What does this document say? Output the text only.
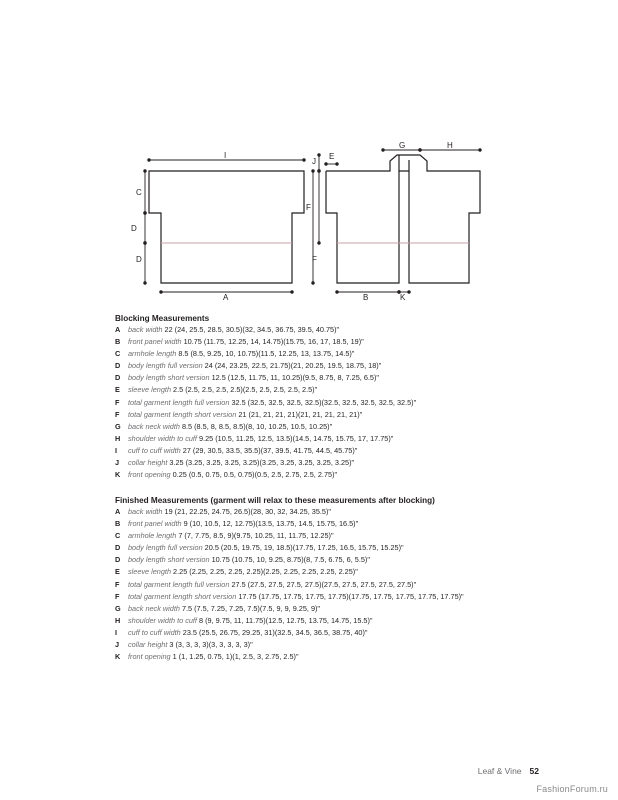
I
C
D
D
A
J
E
F
F
G	H
B	K
Blocking Measurements
A back width 22 (24, 25.5, 28.5, 30.5)(32, 34.5, 36.75, 39.5, 40.75)"
B front panel width 10.75 (11.75, 12.25, 14, 14.75)(15.75, 16, 17, 18.5, 19)"
C armhole length 8.5 (8.5, 9.25, 10, 10.75)(11.5, 12.25, 13, 13.75, 14.5)"
D body length full version 24 (24, 23.25, 22.5, 21.75)(21, 20.25, 19.5, 18.75, 18)"
D body length short version 12.5 (12.5, 11.75, 11, 10.25)(9.5, 8.75, 8, 7.25, 6.5)"
E sleeve length 2.5 (2.5, 2.5, 2.5, 2.5)(2.5, 2.5, 2.5, 2.5, 2.5)"
F total garment length full version 32.5 (32.5, 32.5, 32.5, 32.5)(32.5, 32.5, 32.5, 32.5, 32.5)"
F total garment length short version 21 (21, 21, 21, 21)(21, 21, 21, 21, 21)"
G back neck width 8.5 (8.5, 8, 8.5, 8.5)(8, 10, 10.25, 10.5, 10.25)"
H shoulder width to cuff 9.25 (10.5, 11.25, 12.5, 13.5)(14.5, 14.75, 15.75, 17, 17.75)"
I cuff to cuff width 27 (29, 30.5, 33.5, 35.5)(37, 39.5, 41.75, 44.5, 45.75)"
J collar height 3.25 (3.25, 3.25, 3.25, 3.25)(3.25, 3.25, 3.25, 3.25, 3.25)"
K front opening 0.25 (0.5, 0.75, 0.5, 0.75)(0.5, 2.5, 2.75, 2.5, 2.75)"
Finished Measurements (garment will relax to these measurements after blocking)
A back width 19 (21, 22.25, 24.75, 26.5)(28, 30, 32, 34.25, 35.5)"
B front panel width 9 (10, 10.5, 12, 12.75)(13.5, 13.75, 14.5, 15.75, 16.5)"
C armhole length 7 (7, 7.75, 8.5, 9)(9.75, 10.25, 11, 11.75, 12.25)"
D body length full version 20.5 (20.5, 19.75, 19, 18.5)(17.75, 17.25, 16.5, 15.75, 15.25)"
D body length short version 10.75 (10.75, 10, 9.25, 8.75)(8, 7.5, 6.75, 6, 5.5)"
E sleeve length 2.25 (2.25, 2.25, 2.25, 2.25)(2.25, 2.25, 2.25, 2.25, 2.25)"
F total garment length full version 27.5 (27.5, 27.5, 27.5, 27.5)(27.5, 27.5, 27.5, 27.5, 27.5)"
F total garment length short version 17.75 (17.75, 17.75, 17.75, 17.75)(17.75, 17.75, 17.75, 17.75, 17.75)"
G back neck width 7.5 (7.5, 7.25, 7.25, 7.5)(7.5, 9, 9, 9.25, 9)"
H shoulder width to cuff 8 (9, 9.75, 11, 11.75)(12.5, 12.75, 13.75, 14.75, 15.5)"
I cuff to cuff width 23.5 (25.5, 26.75, 29.25, 31)(32.5, 34.5, 36.5, 38.75, 40)"
J collar height 3 (3, 3, 3, 3)(3, 3, 3, 3, 3)"
K front opening 1 (1, 1.25, 0.75, 1)(1, 2.5, 3, 2.75, 2.5)"
Leaf & Vine 52
FashionForum.ru
